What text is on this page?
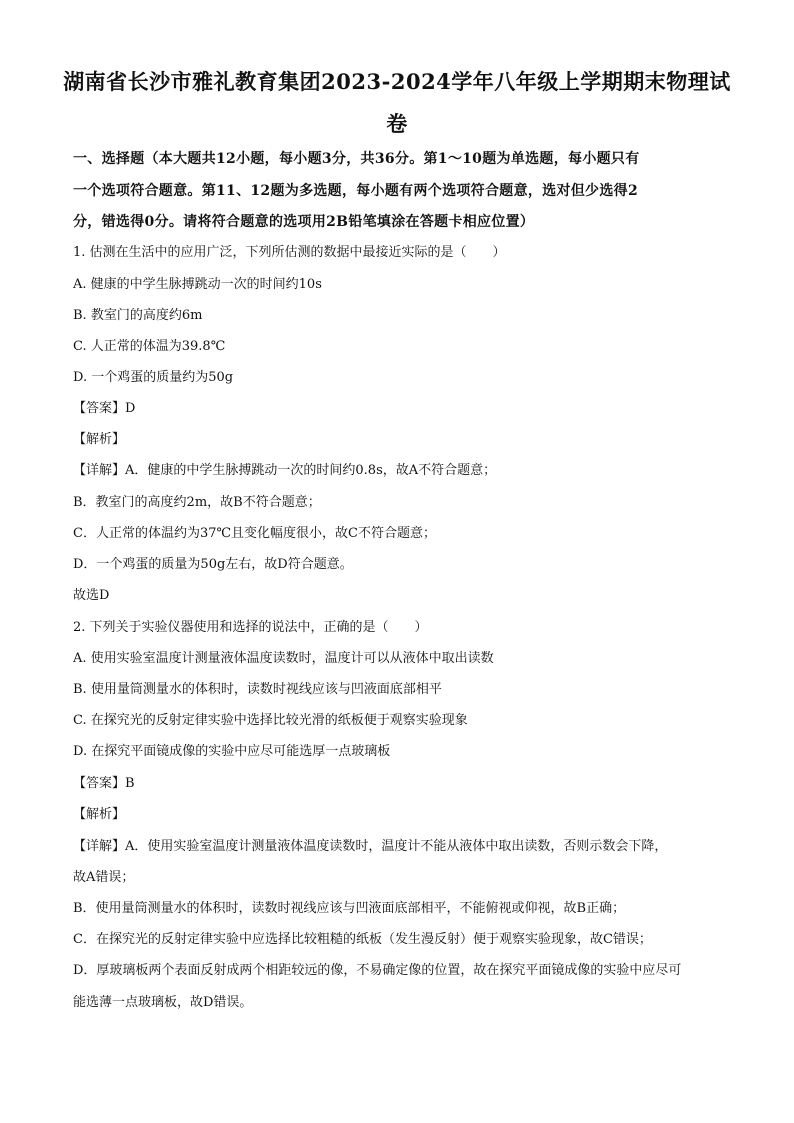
湖南省长沙市雅礼教育集团2023-2024学年八年级上学期期末物理试
卷
一、选择题（本大题共12小题，每小题3分，共36分。第1～10题为单选题，每小题只有
一个选项符合题意。第11、12题为多选题，每小题有两个选项符合题意，选对但少选得2
分，错选得0分。请将符合题意的选项用2B铅笔填涂在答题卡相应位置）
1. 估测在生活中的应用广泛，下列所估测的数据中最接近实际的是（　　）
A. 健康的中学生脉搏跳动一次的时间约10s
B. 教室门的高度约6m
C. 人正常的体温为39.8℃
D. 一个鸡蛋的质量约为50g
【答案】D
【解析】
【详解】A．健康的中学生脉搏跳动一次的时间约0.8s，故A不符合题意；
B．教室门的高度约2m，故B不符合题意；
C．人正常的体温约为37℃且变化幅度很小，故C不符合题意；
D．一个鸡蛋的质量为50g左右，故D符合题意。
故选D
2. 下列关于实验仪器使用和选择的说法中，正确的是（　　）
A. 使用实验室温度计测量液体温度读数时，温度计可以从液体中取出读数
B. 使用量筒测量水的体积时，读数时视线应该与凹液面底部相平
C. 在探究光的反射定律实验中选择比较光滑的纸板便于观察实验现象
D. 在探究平面镜成像的实验中应尽可能选厚一点玻璃板
【答案】B
【解析】
【详解】A．使用实验室温度计测量液体温度读数时，温度计不能从液体中取出读数，否则示数会下降，
故A错误；
B．使用量筒测量水的体积时，读数时视线应该与凹液面底部相平，不能俯视或仰视，故B正确；
C．在探究光的反射定律实验中应选择比较粗糙的纸板（发生漫反射）便于观察实验现象，故C错误；
D．厚玻璃板两个表面反射成两个相距较远的像，不易确定像的位置，故在探究平面镜成像的实验中应尽可
能选薄一点玻璃板，故D错误。
